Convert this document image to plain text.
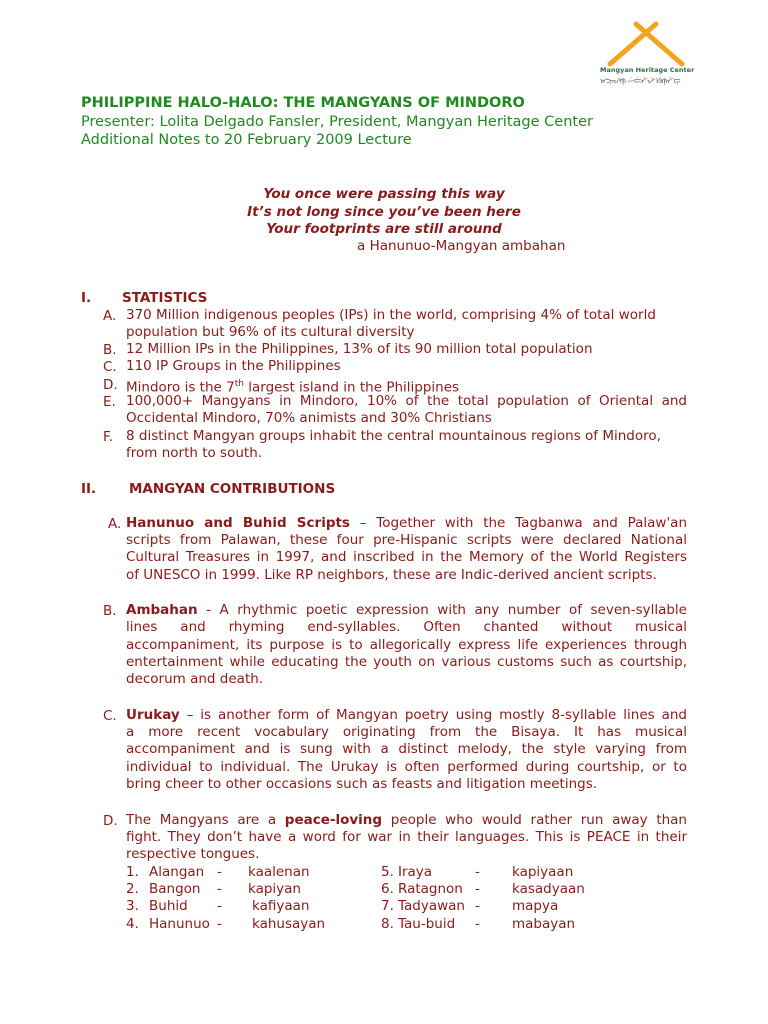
Mangyan Heritage Center
ᜋᜅ᜔ᜌᜈ᜔ ᜑᜒᜇᜒᜆᜒᜌᜒ ᜐᜒᜈ᜔ᜆᜒᜇ᜔
PHILIPPINE HALO-HALO: THE MANGYANS OF MINDORO
Presenter: Lolita Delgado Fansler, President, Mangyan Heritage Center
Additional Notes to 20 February 2009 Lecture
You once were passing this way
It’s not long since you’ve been here
Your footprints are still around
a Hanunuo-Mangyan ambahan
I. STATISTICS
A. 370 Million indigenous peoples (IPs) in the world, comprising 4% of total world
population but 96% of its cultural diversity
B. 12 Million IPs in the Philippines, 13% of its 90 million total population
C. 110 IP Groups in the Philippines
D. Mindoro is the 7th largest island in the Philippines
E. 100,000+ Mangyans in Mindoro, 10% of the total population of Oriental and
Occidental Mindoro, 70% animists and 30% Christians
F. 8 distinct Mangyan groups inhabit the central mountainous regions of Mindoro,
from north to south.
II. MANGYAN CONTRIBUTIONS
A. Hanunuo and Buhid Scripts – Together with the Tagbanwa and Palaw'an
scripts from Palawan, these four pre-Hispanic scripts were declared National
Cultural Treasures in 1997, and inscribed in the Memory of the World Registers
of UNESCO in 1999. Like RP neighbors, these are Indic-derived ancient scripts.
B. Ambahan - A rhythmic poetic expression with any number of seven-syllable
lines and rhyming end-syllables. Often chanted without musical
accompaniment, its purpose is to allegorically express life experiences through
entertainment while educating the youth on various customs such as courtship,
decorum and death.
C. Urukay – is another form of Mangyan poetry using mostly 8-syllable lines and
a more recent vocabulary originating from the Bisaya. It has musical
accompaniment and is sung with a distinct melody, the style varying from
individual to individual. The Urukay is often performed during courtship, or to
bring cheer to other occasions such as feasts and litigation meetings.
D. The Mangyans are a peace-loving people who would rather run away than
fight. They don’t have a word for war in their languages. This is PEACE in their
respective tongues.
1. Alangan - kaalenan
2. Bangon - kapiyan
3. Buhid - kafiyaan
4. Hanunuo - kahusayan
5. Iraya	- kapiyaan
6. Ratagnon - kasadyaan
7. Tadyawan - mapya
8. Tau-buid - mabayan
